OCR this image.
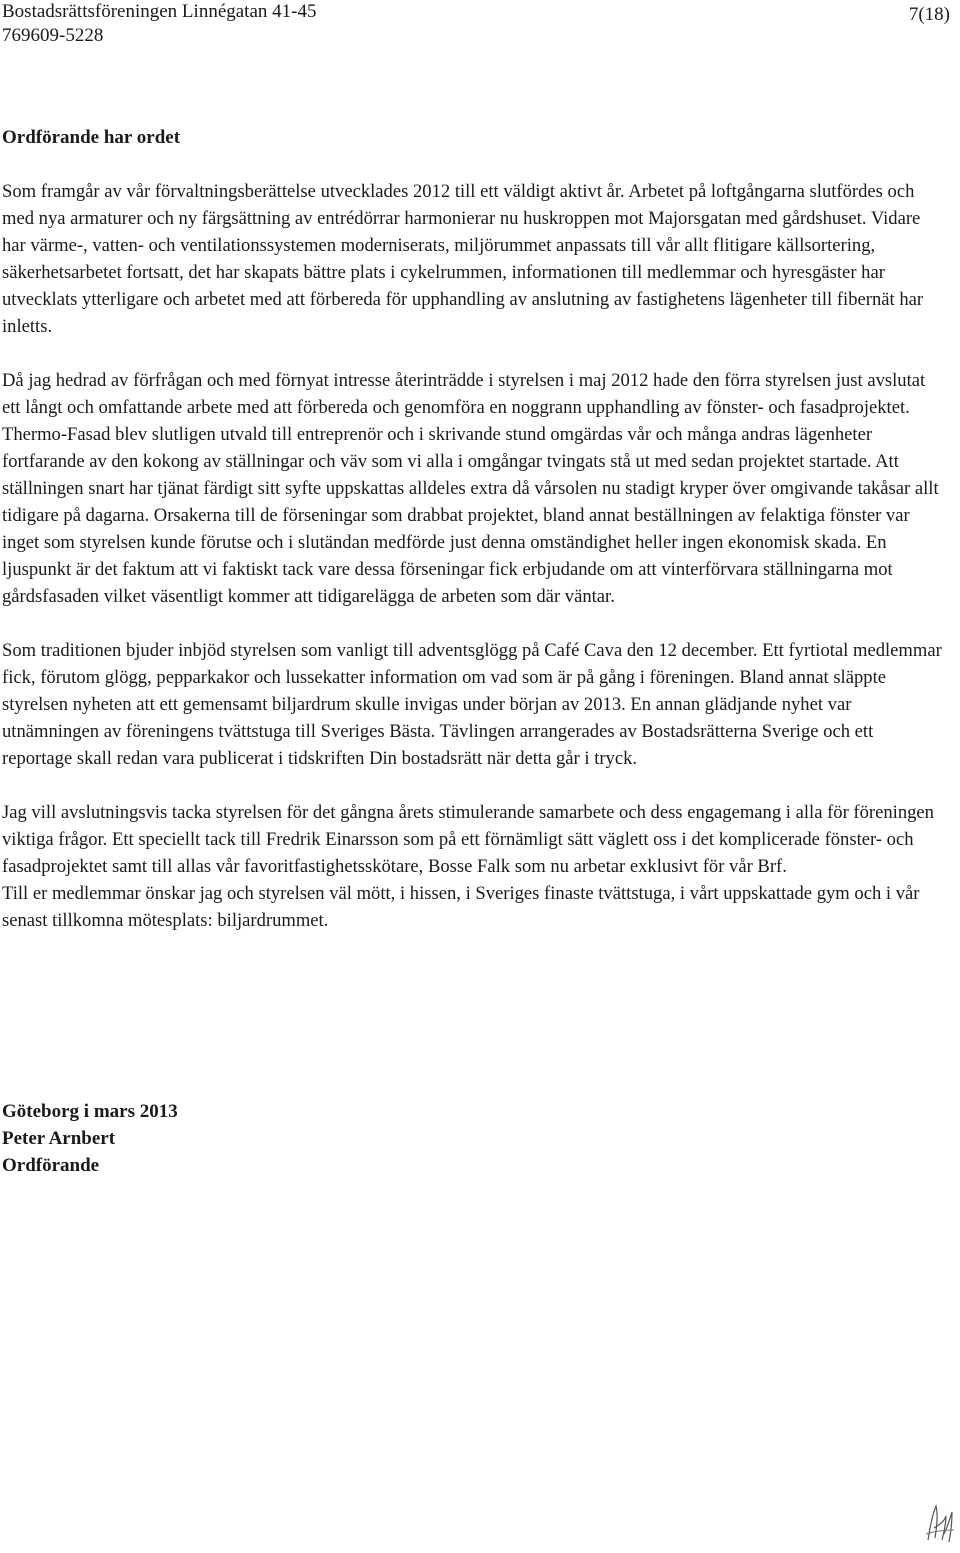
Bostadsrättsföreningen Linnégatan 41-45
769609-5228
7(18)
Ordförande har ordet

Som framgår av vår förvaltningsberättelse utvecklades 2012 till ett väldigt aktivt år. Arbetet på loftgångarna slutfördes och med nya armaturer och ny färgsättning av entrédörrar harmonierar nu huskroppen mot Majorsgatan med gårdshuset. Vidare har värme-, vatten- och ventilationssystemen moderniserats, miljörummet anpassats till vår allt flitigare källsortering, säkerhetsarbetet fortsatt, det har skapats bättre plats i cykelrummen, informationen till medlemmar och hyresgäster har utvecklats ytterligare och arbetet med att förbereda för upphandling av anslutning av fastighetens lägenheter till fibernät har inletts.

Då jag hedrad av förfrågan och med förnyat intresse återinträdde i styrelsen i maj 2012 hade den förra styrelsen just avslutat ett långt och omfattande arbete med att förbereda och genomföra en noggrann upphandling av fönster- och fasadprojektet. Thermo-Fasad blev slutligen utvald till entreprenör och i skrivande stund omgärdas vår och många andras lägenheter fortfarande av den kokong av ställningar och väv som vi alla i omgångar tvingats stå ut med sedan projektet startade. Att ställningen snart har tjänat färdigt sitt syfte uppskattas alldeles extra då vårsolen nu stadigt kryper över omgivande takåsar allt tidigare på dagarna. Orsakerna till de förseningar som drabbat projektet, bland annat beställningen av felaktiga fönster var inget som styrelsen kunde förutse och i slutändan medförde just denna omständighet heller ingen ekonomisk skada. En ljuspunkt är det faktum att vi faktiskt tack vare dessa förseningar fick erbjudande om att vinterförvara ställningarna mot gårdsfasaden vilket väsentligt kommer att tidigarelägga de arbeten som där väntar.

Som traditionen bjuder inbjöd styrelsen som vanligt till adventsglögg på Café Cava den 12 december. Ett fyrtiotal medlemmar fick, förutom glögg, pepparkakor och lussekatter information om vad som är på gång i föreningen. Bland annat släppte styrelsen nyheten att ett gemensamt biljardrum skulle invigas under början av 2013. En annan glädjande nyhet var utnämningen av föreningens tvättstuga till Sveriges Bästa. Tävlingen arrangerades av Bostadsrätterna Sverige och ett reportage skall redan vara publicerat i tidskriften Din bostadsrätt när detta går i tryck.

Jag vill avslutningsvis tacka styrelsen för det gångna årets stimulerande samarbete och dess engagemang i alla för föreningen viktiga frågor. Ett speciellt tack till Fredrik Einarsson som på ett förnämligt sätt väglett oss i det komplicerade fönster- och fasadprojektet samt till allas vår favoritfastighetsskötare, Bosse Falk som nu arbetar exklusivt för vår Brf.

Till er medlemmar önskar jag och styrelsen väl mött, i hissen, i Sveriges finaste tvättstuga, i vårt uppskattade gym och i vår senast tillkomna mötesplats: biljardrummet.

Göteborg i mars 2013
Peter Arnbert
Ordförande
